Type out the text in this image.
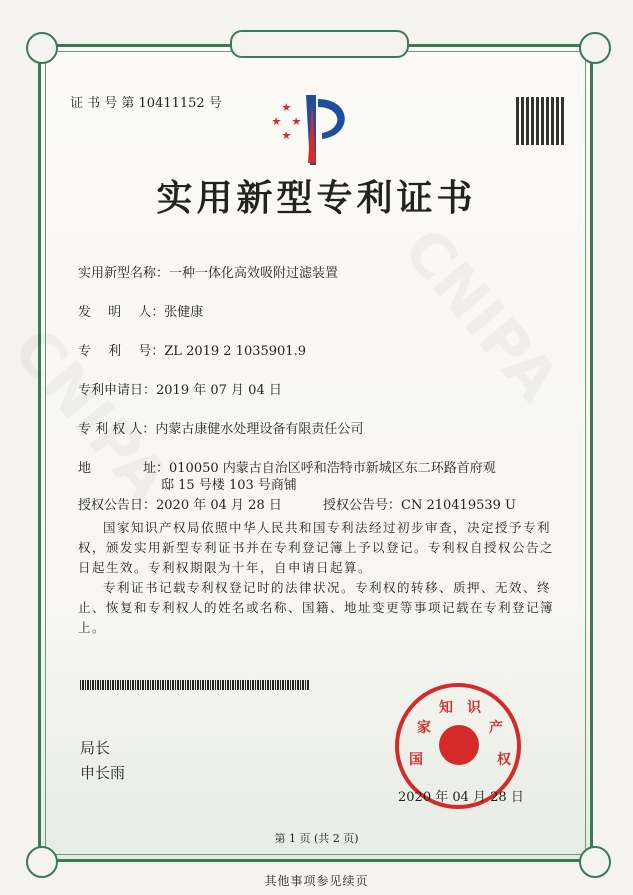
证 书 号 第 10411152 号
实用新型专利证书
实用新型名称：一种一体化高效吸附过滤装置
发　 明　 人：张健康
专　 利　 号：ZL 2019 2 1035901.9
专利申请日：2019 年 07 月 04 日
专 利 权 人：内蒙古康健水处理设备有限责任公司
地　　　　址：010050 内蒙古自治区呼和浩特市新城区东二环路首府观
邸 15 号楼 103 号商铺
授权公告日：2020 年 04 月 28 日	授权公告号：CN 210419539 U

国家知识产权局依照中华人民共和国专利法经过初步审查，决定授予专利权，颁发实用新型专利证书并在专利登记簿上予以登记。专利权自授权公告之日起生效。专利权期限为十年，自申请日起算。

专利证书记载专利权登记时的法律状况。专利权的转移、质押、无效、终止、恢复和专利权人的姓名或名称、国籍、地址变更等事项记载在专利登记簿上。

局长
申长雨
国
家
知 识
产
权
2020 年 04 月 28 日
第 1 页 (共 2 页)
其他事项参见续页
